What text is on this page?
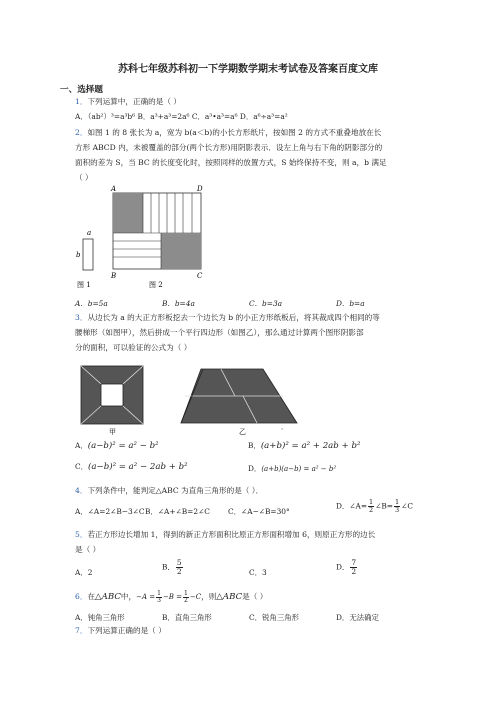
苏科七年级苏科初一下学期数学期末考试卷及答案百度文库
一、选择题
1．下列运算中，正确的是（ ）
A．（ab²）³=a³b⁶ B．a³+a³=2a⁶ C．a³•a³=a⁶ D．a⁶÷a³=a²
2．如图 1 的 8 张长为 a，宽为 b(a＜b)的小长方形纸片，按如图 2 的方式不重叠地放在长
方形 ABCD 内，未被覆盖的部分(两个长方形)用阴影表示．设左上角与右下角的阴影部分的
面积的差为 S，当 BC 的长度变化时，按照同样的放置方式，S 始终保持不变，则 a，b 满足
（ ）
a
b
A	D
B	C
图 1	图 2
A．b=5a	B．b=4a	C．b=3a	D．b=a
3．从边长为 a 的大正方形板挖去一个边长为 b 的小正方形纸板后，将其裁成四个相同的等
腰梯形（如图甲），然后拼成一个平行四边形（如图乙），那么通过计算两个图形阴影部
分的面积，可以验证的公式为（ ）
甲	乙
．
A．(a−b)² = a² − b²	B．(a+b)² = a² + 2ab + b²
C．(a−b)² = a² − 2ab + b²	D．(a+b)(a−b) = a² − b²
4．下列条件中，能判定△ABC 为直角三角形的是（ ）．
A．∠A=2∠B−3∠C B．∠A+∠B=2∠C C．∠A−∠B=30°
D．∠A= $\frac{1}{2}$ ∠B= $\frac{1}{3}$ ∠C
5．若正方形边长增加 1，得到的新正方形面积比原正方形面积增加 6，则原正方形的边长
是（ ）
A．2
B． $\frac{5}{2}$	C．3
D． $\frac{7}{2}$
6．在△ABC中，$-A = \frac{1}{3} -B = \frac{1}{2} -C$，则△ABC是（ ）
A．钝角三角形	B．直角三角形	C．锐角三角形	D．无法确定
7．下列运算正确的是（ ）
